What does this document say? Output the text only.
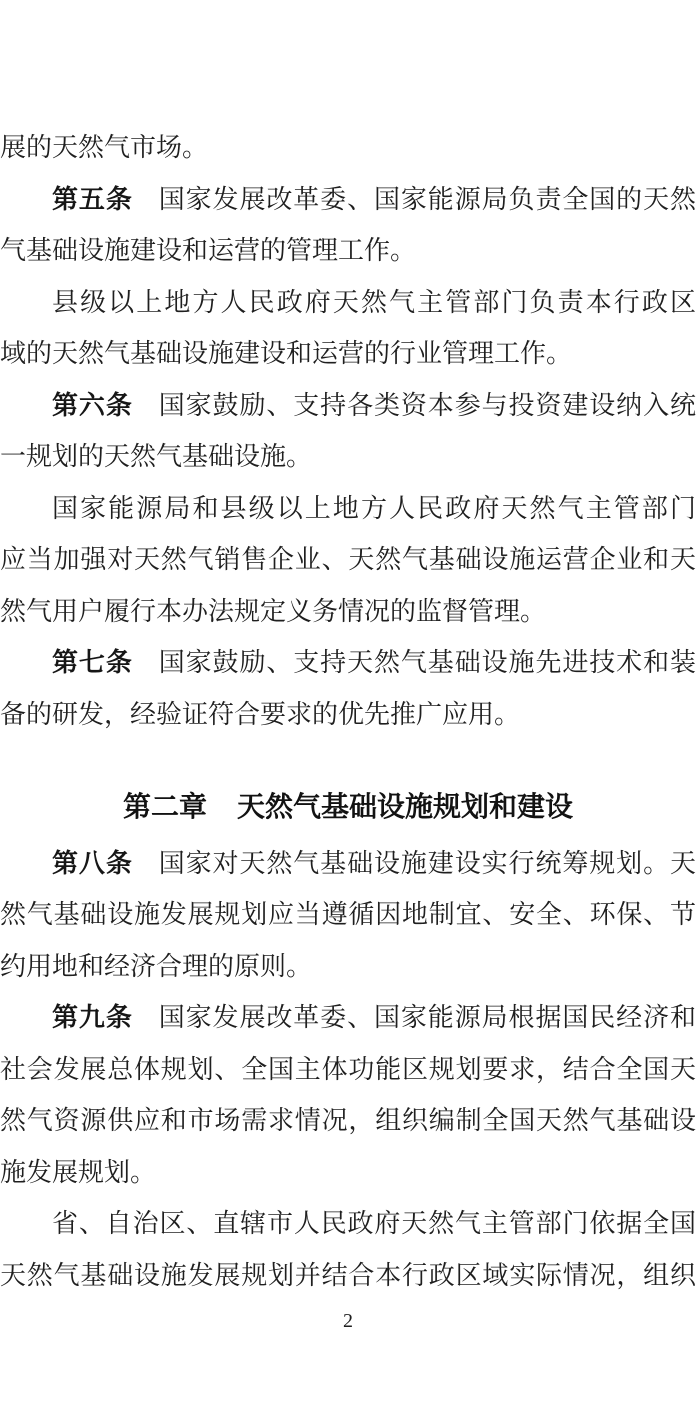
展的天然气市场。
第五条 国家发展改革委、国家能源局负责全国的天然
气基础设施建设和运营的管理工作。
县级以上地方人民政府天然气主管部门负责本行政区
域的天然气基础设施建设和运营的行业管理工作。
第六条 国家鼓励、支持各类资本参与投资建设纳入统
一规划的天然气基础设施。
国家能源局和县级以上地方人民政府天然气主管部门
应当加强对天然气销售企业、天然气基础设施运营企业和天
然气用户履行本办法规定义务情况的监督管理。
第七条 国家鼓励、支持天然气基础设施先进技术和装
备的研发，经验证符合要求的优先推广应用。
第二章 天然气基础设施规划和建设
第八条 国家对天然气基础设施建设实行统筹规划。天
然气基础设施发展规划应当遵循因地制宜、安全、环保、节
约用地和经济合理的原则。
第九条 国家发展改革委、国家能源局根据国民经济和
社会发展总体规划、全国主体功能区规划要求，结合全国天
然气资源供应和市场需求情况，组织编制全国天然气基础设
施发展规划。
省、自治区、直辖市人民政府天然气主管部门依据全国
天然气基础设施发展规划并结合本行政区域实际情况，组织
2
